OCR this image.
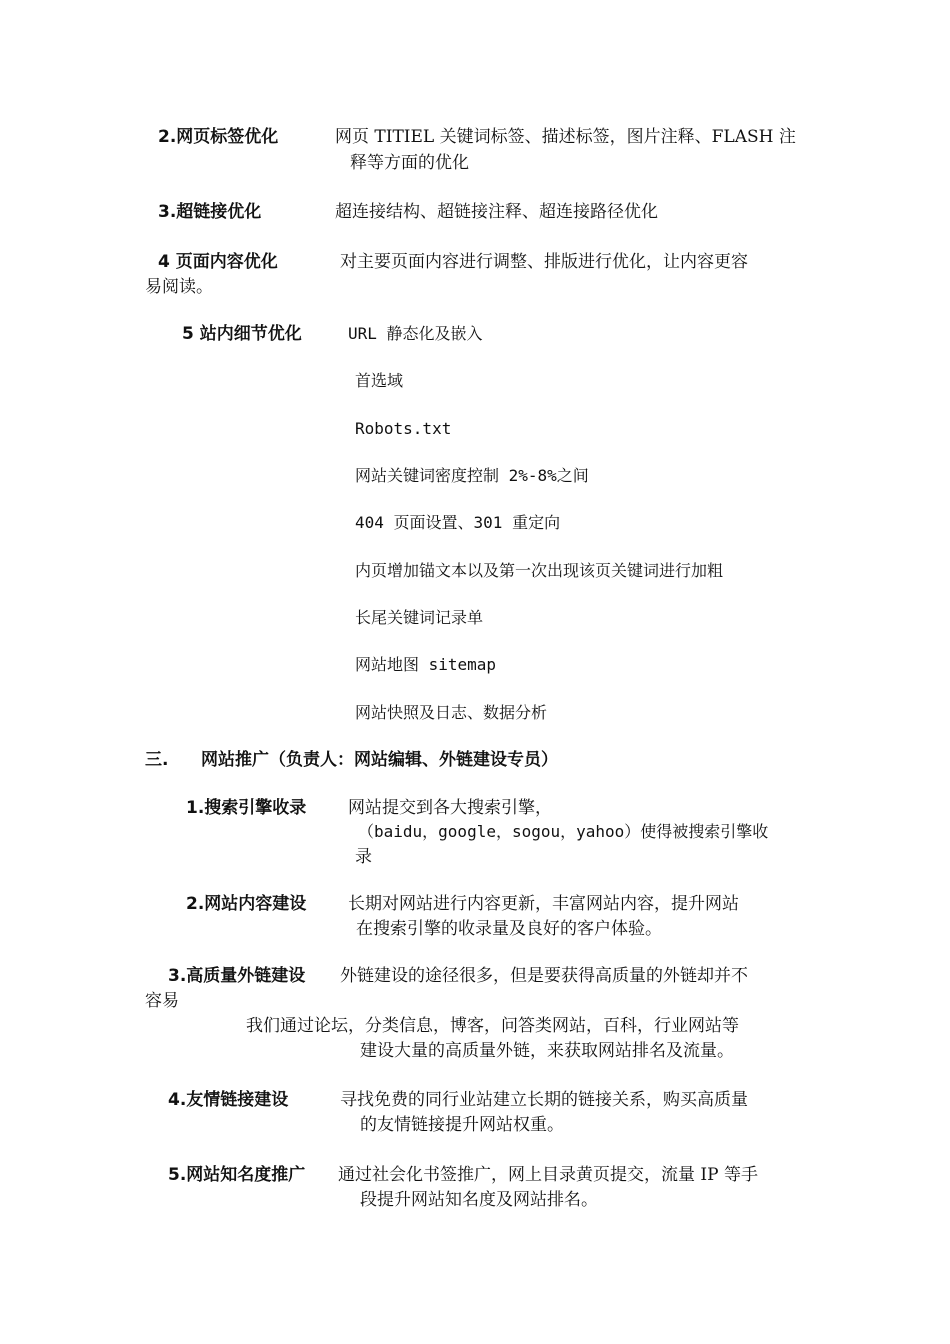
2.网页标签优化	网页 TITIEL 关键词标签、描述标签，图片注释、FLASH 注
释等方面的优化
3.超链接优化	超连接结构、超链接注释、超连接路径优化
4 页面内容优化	对主要页面内容进行调整、排版进行优化，让内容更容
易阅读。
5 站内细节优化	URL 静态化及嵌入
首选域
Robots.txt
网站关键词密度控制 2%-8%之间
404 页面设置、301 重定向
内页增加锚文本以及第一次出现该页关键词进行加粗
长尾关键词记录单
网站地图 sitemap
网站快照及日志、数据分析
三. 网站推广（负责人：网站编辑、外链建设专员）
1.搜索引擎收录 网站提交到各大搜索引擎，
（baidu，google，sogou，yahoo）使得被搜索引擎收
录
2.网站内容建设 长期对网站进行内容更新，丰富网站内容，提升网站
在搜索引擎的收录量及良好的客户体验。
3.高质量外链建设 外链建设的途径很多，但是要获得高质量的外链却并不
容易
我们通过论坛，分类信息，博客，问答类网站，百科，行业网站等
建设大量的高质量外链，来获取网站排名及流量。
4.友情链接建设	寻找免费的同行业站建立长期的链接关系，购买高质量
的友情链接提升网站权重。
5.网站知名度推广 通过社会化书签推广，网上目录黄页提交，流量 IP 等手
段提升网站知名度及网站排名。
